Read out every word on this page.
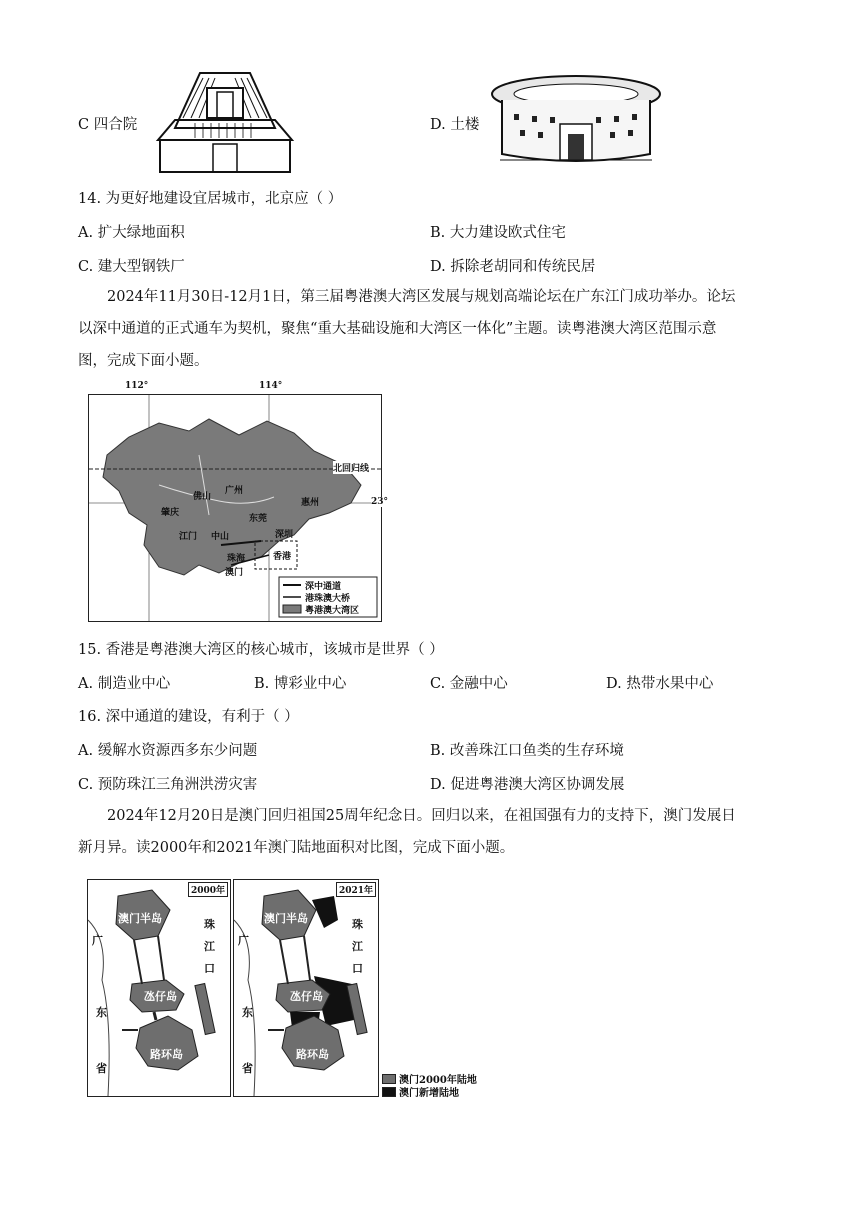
C 四合院	D. 土楼
14. 为更好地建设宜居城市，北京应（ ）
A. 扩大绿地面积	B. 大力建设欧式住宅
C. 建大型钢铁厂	D. 拆除老胡同和传统民居
2024年11月30日-12月1日，第三届粤港澳大湾区发展与规划高端论坛在广东江门成功举办。论坛
以深中通道的正式通车为契机，聚焦“重大基础设施和大湾区一体化”主题。读粤港澳大湾区范围示意
图，完成下面小题。
112°	114°
23°
北回归线
肇庆
佛山
广州
惠州
东莞
江门 中山	深圳
珠海	香港
澳门
深中通道
港珠澳大桥
粤港澳大湾区
15. 香港是粤港澳大湾区的核心城市，该城市是世界（ ）
A. 制造业中心	B. 博彩业中心	C. 金融中心	D. 热带水果中心
16. 深中通道的建设，有利于（ ）
A. 缓解水资源西多东少问题	B. 改善珠江口鱼类的生存环境
C. 预防珠江三角洲洪涝灾害	D. 促进粤港澳大湾区协调发展
2024年12月20日是澳门回归祖国25周年纪念日。回归以来，在祖国强有力的支持下，澳门发展日
新月异。读2000年和2021年澳门陆地面积对比图，完成下面小题。
2000年
澳门半岛
氹仔岛
路环岛
珠
江
口
广
东
省
2021年
澳门半岛
氹仔岛
路环岛
珠
江
口
广
东
省
澳门2000年陆地
澳门新增陆地
